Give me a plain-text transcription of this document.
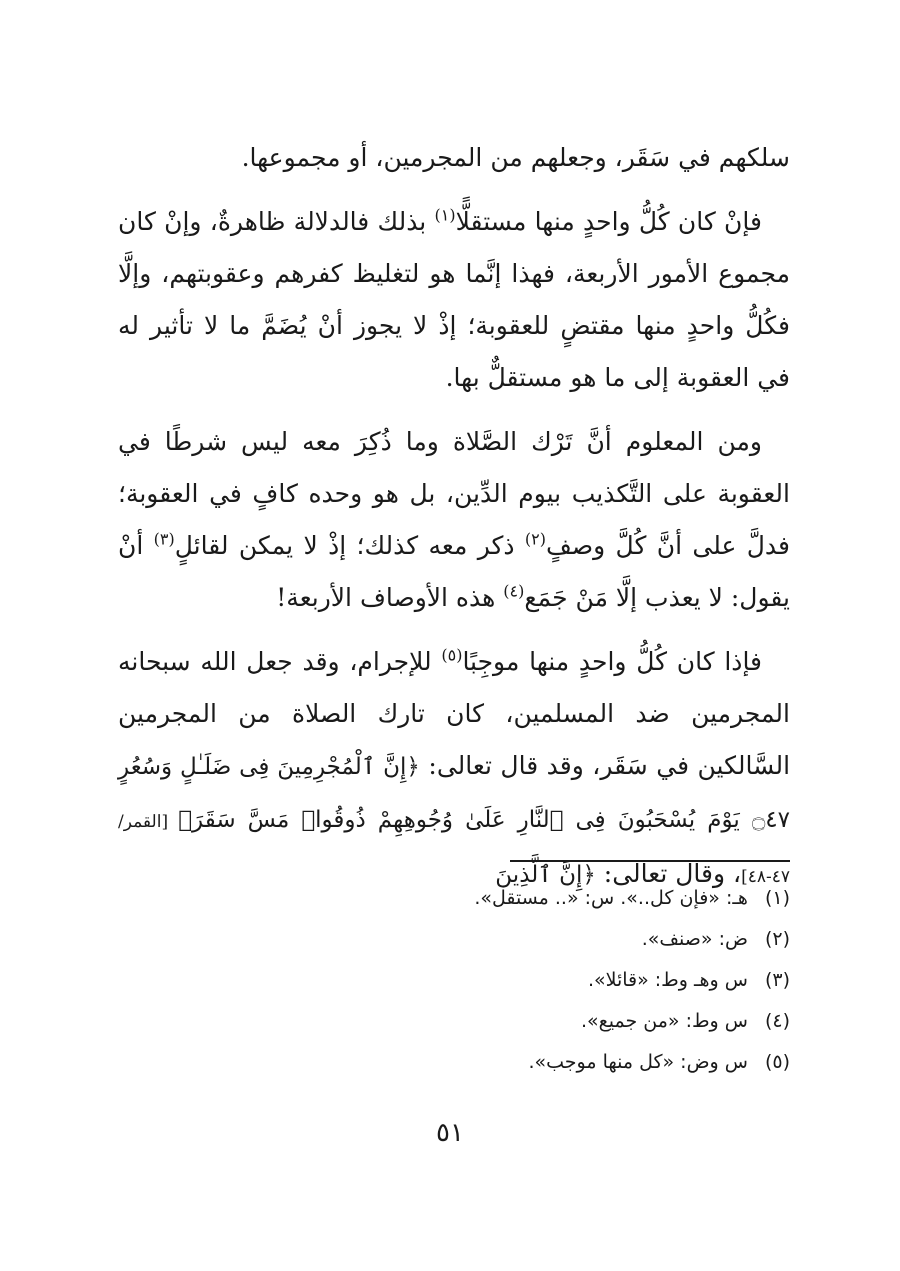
سلكهم في سَقَر، وجعلهم من المجرمين، أو مجموعها.

فإنْ كان كُلُّ واحدٍ منها مستقلًّا$^{(١)}$ بذلك فالدلالة ظاهرةٌ، وإنْ كان مجموع الأمور الأربعة، فهذا إنَّما هو لتغليظ كفرهم وعقوبتهم، وإلَّا فكُلُّ واحدٍ منها مقتضٍ للعقوبة؛ إذْ لا يجوز أنْ يُضَمَّ ما لا تأثير له في العقوبة إلى ما هو مستقلٌّ بها.

ومن المعلوم أنَّ تَرْك الصَّلاة وما ذُكِرَ معه ليس شرطًا في العقوبة على التَّكذيب بيوم الدِّين، بل هو وحده كافٍ في العقوبة؛ فدلَّ على أنَّ كُلَّ وصفٍ$^{(٢)}$ ذكر معه كذلك؛ إذْ لا يمكن لقائلٍ$^{(٣)}$ أنْ يقول: لا يعذب إلَّا مَنْ جَمَع$^{(٤)}$ هذه الأوصاف الأربعة!

فإذا كان كُلُّ واحدٍ منها موجِبًا$^{(٥)}$ للإجرام، وقد جعل الله سبحانه المجرمين ضد المسلمين، كان تارك الصلاة من المجرمين السَّالكين في سَقَر، وقد قال تعالى: ﴿إِنَّ ٱلْمُجْرِمِينَ فِى ضَلَـٰلٍ وَسُعُرٍ ۝٤٧ يَوْمَ يُسْحَبُونَ فِى ٱلنَّارِ عَلَىٰ وُجُوهِهِمْ ذُوقُوا۟ مَسَّ سَقَرَ﴾ [القمر/ ٤٧-٤٨]، وقال تعالى: ﴿إِنَّ ٱلَّذِينَ

(١) هـ: «فإن كل..». س: «.. مستقل».
(٢) ض: «صنف».
(٣) س وهـ وط: «قائلا».
(٤) س وط: «من جميع».
(٥) س وض: «كل منها موجب».
٥١
